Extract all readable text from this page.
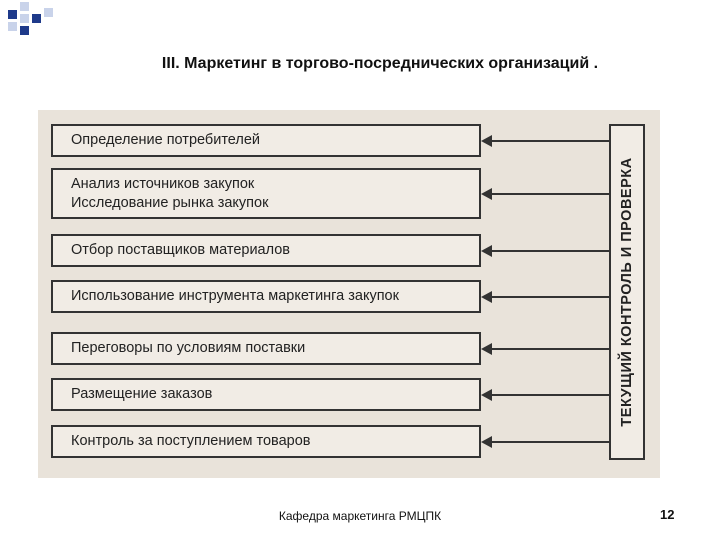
III. Маркетинг в торгово-посреднических организаций .
Определение потребителей
Анализ источников закупок
Исследование рынка закупок
Отбор поставщиков материалов
Использование инструмента маркетинга закупок
Переговоры по условиям поставки
Размещение заказов
Контроль за поступлением товаров
ТЕКУЩИЙ КОНТРОЛЬ И ПРОВЕРКА
Кафедра маркетинга РМЦПК	12
